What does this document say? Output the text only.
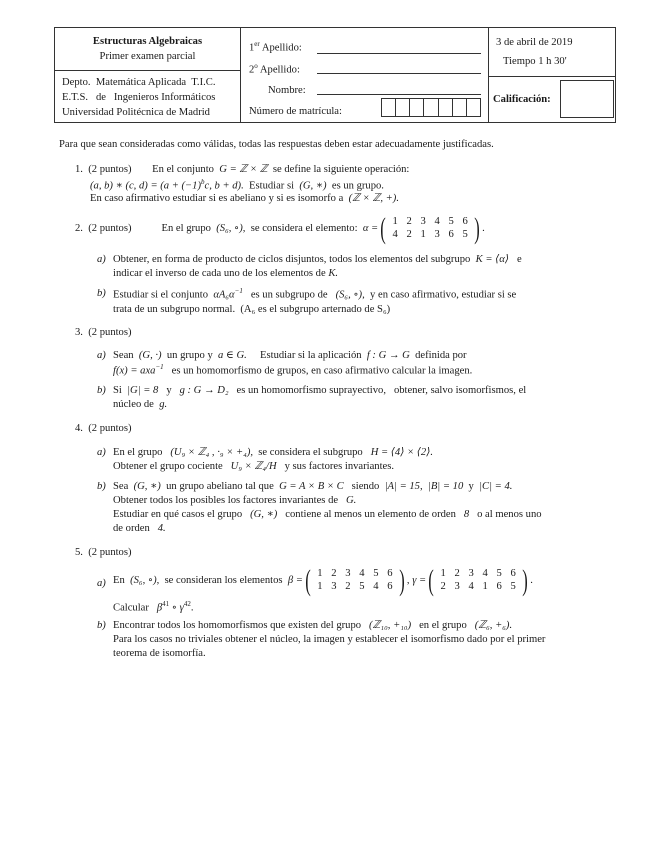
Estructuras Algebraicas
Primer examen parcial
Depto.  Matemática Aplicada  T.I.C.
E.T.S.   de   Ingenieros Informáticos
Universidad Politécnica de Madrid
1er Apellido:
2$^o$ Apellido:
Nombre:
Número de matrícula:
3 de abril de 2019
Tiempo 1 h 30'
Calificación:
Para que sean consideradas como válidas, todas las respuestas deben estar adecuadamente justificadas.
1. (2 puntos) En el conjunto G = ℤ × ℤ se define la siguiente operación:
(a, b) ∗ (c, $d) = (a + (-1)^bc$, b + d). Estudiar si (G, ∗) es un grupo.
En caso afirmativo estudiar si es abeliano y si es isomorfo a (ℤ × ℤ, +).
2.
(2 puntos)	En el grupo
(S₆, ∘),
se considera el elemento:
α = ( 1 2 3 4 5 6
4 2 1 3 6 5 ) .
a) Obtener, en forma de producto de ciclos disjuntos, todos los elementos del subgrupo K = ⟨α⟩ e
indicar el inverso de cada uno de los elementos de K.
b) Estudiar si el conjunto $\alpha A_6\alpha^{-1}$ es un subgrupo de (S₆, ∘), y en caso afirmativo, estudiar si se
trata de un subgrupo normal. (A₆ es el subgrupo arternado de S₆)
3. (2 puntos)
a) Sean (G, ·) un grupo y a ∈ G. Estudiar si la aplicación f : G → G definida por
f(x) = axa$^{-1}$ es un homomorfismo de grupos, en caso afirmativo calcular la imagen.
b) Si |G| = 8 y g : G → D₂ es un homomorfismo suprayectivo, obtener, salvo isomorfismos, el
núcleo de g.
4. (2 puntos)
a) En el grupo (U₉ × ℤ₄ , ·₉ × +₄), se considera el subgrupo H = ⟨4⟩ × ⟨2⟩.
Obtener el grupo cociente U₉ × ℤ₄/H y sus factores invariantes.
b) Sea (G, ∗) un grupo abeliano tal que G = A × B × C siendo |A| = 15, |B| = 10 y |C| = 4.
Obtener todos los posibles los factores invariantes de G.
Estudiar en qué casos el grupo (G, ∗) contiene al menos un elemento de orden 8 o al menos uno
de orden 4.
5. (2 puntos)
a) En
(S₆, ∘),
se consideran los elementos
β = ( 1 2 3 4 5 6
1 3 2 5 4 6 ) , γ = ( 1 2 3 4 5 6
2 3 4 1 6 5 ) .
Calcular $\beta^{41}$ ∘ $\gamma^{42}$.
b) Encontrar todos los homomorfismos que existen del grupo (ℤ₁₀, +₁₀) en el grupo (ℤ₆, +₆).
Para los casos no triviales obtener el núcleo, la imagen y establecer el isomorfismo dado por el primer
teorema de isomorfía.
